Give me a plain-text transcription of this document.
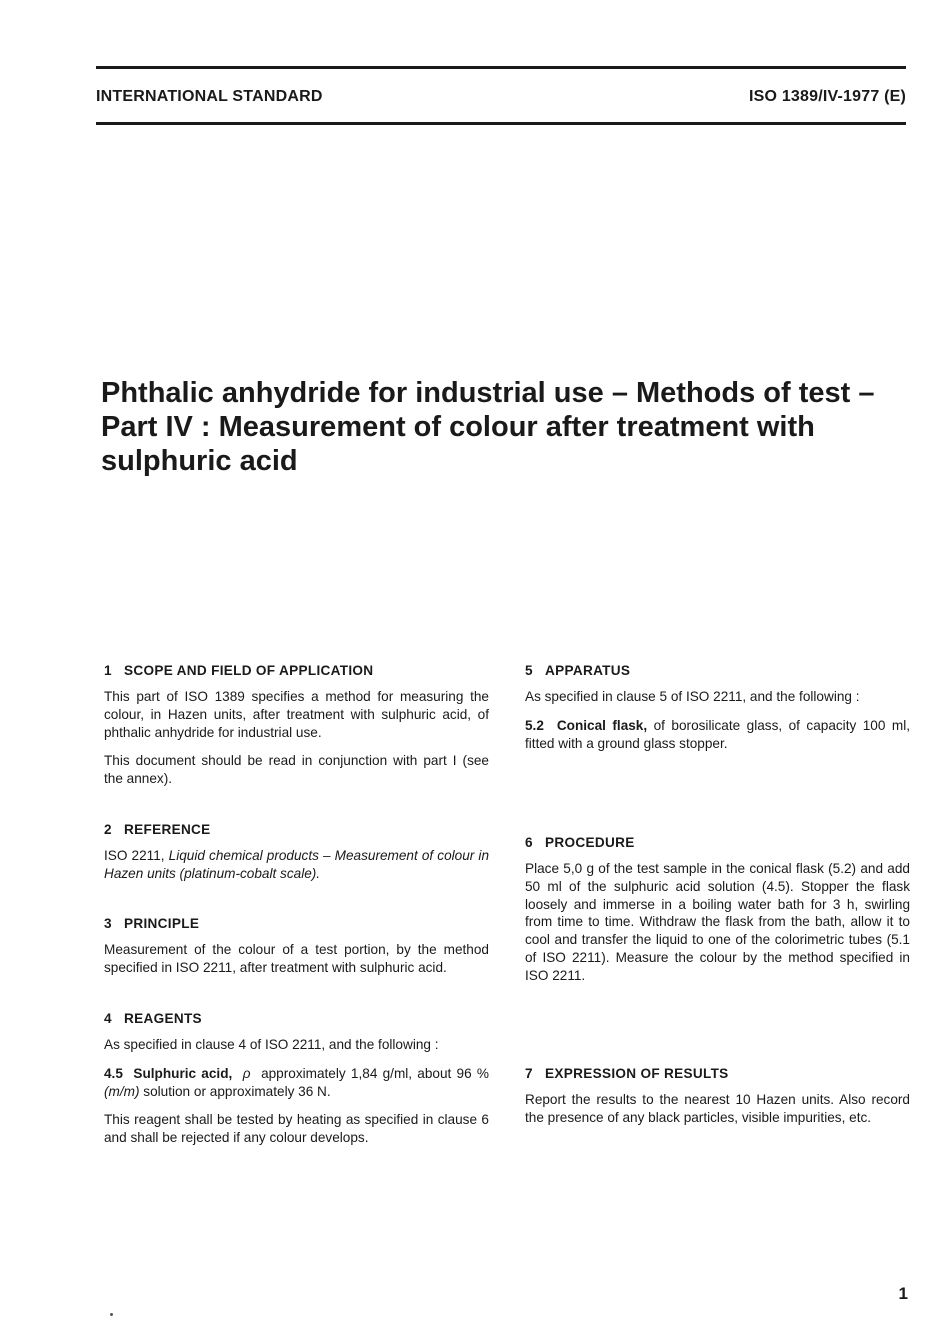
INTERNATIONAL STANDARD	ISO 1389/IV-1977 (E)
Phthalic anhydride for industrial use – Methods of test –
Part IV : Measurement of colour after treatment with
sulphuric acid
1 SCOPE AND FIELD OF APPLICATION

This part of ISO 1389 specifies a method for measuring the colour, in Hazen units, after treatment with sulphuric acid, of phthalic anhydride for industrial use.

This document should be read in conjunction with part I (see the annex).

2 REFERENCE

ISO 2211, Liquid chemical products – Measurement of colour in Hazen units (platinum-cobalt scale).

3 PRINCIPLE

Measurement of the colour of a test portion, by the method specified in ISO 2211, after treatment with sulphuric acid.

4 REAGENTS

As specified in clause 4 of ISO 2211, and the following :

4.5 Sulphuric acid, ρ approximately 1,84 g/ml, about 96 % (m/m) solution or approximately 36 N.

This reagent shall be tested by heating as specified in clause 6 and shall be rejected if any colour develops.

5 APPARATUS

As specified in clause 5 of ISO 2211, and the following :

5.2 Conical flask, of borosilicate glass, of capacity 100 ml, fitted with a ground glass stopper.

6 PROCEDURE

Place 5,0 g of the test sample in the conical flask (5.2) and add 50 ml of the sulphuric acid solution (4.5). Stopper the flask loosely and immerse in a boiling water bath for 3 h, swirling from time to time. Withdraw the flask from the bath, allow it to cool and transfer the liquid to one of the colorimetric tubes (5.1 of ISO 2211). Measure the colour by the method specified in ISO 2211.

7 EXPRESSION OF RESULTS

Report the results to the nearest 10 Hazen units. Also record the presence of any black particles, visible impurities, etc.

1
